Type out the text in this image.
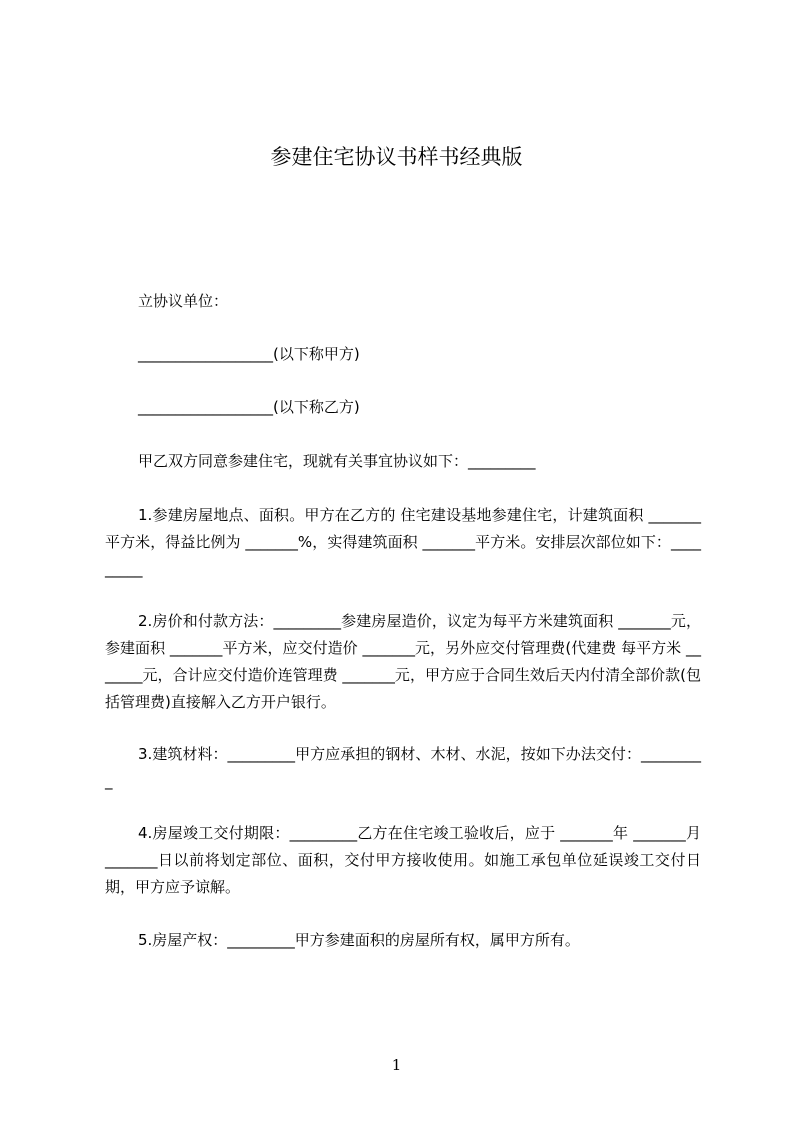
参建住宅协议书样书经典版

立协议单位：

__________________(以下称甲方)

__________________(以下称乙方)

甲乙双方同意参建住宅，现就有关事宜协议如下：_________

1.参建房屋地点、面积。甲方在乙方的 住宅建设基地参建住宅，计建筑面积 _______平方米，得益比例为 _______%，实得建筑面积 _______平方米。安排层次部位如下：_________

2.房价和付款方法：_________参建房屋造价，议定为每平方米建筑面积 _______元，参建面积 _______平方米，应交付造价 _______元，另外应交付管理费(代建费 每平方米 _______元，合计应交付造价连管理费 _______元，甲方应于合同生效后天内付清全部价款(包括管理费)直接解入乙方开户银行。

3.建筑材料：_________甲方应承担的钢材、木材、水泥，按如下办法交付：_________

4.房屋竣工交付期限：_________乙方在住宅竣工验收后，应于 _______年 _______月 _______日以前将划定部位、面积，交付甲方接收使用。如施工承包单位延误竣工交付日期，甲方应予谅解。

5.房屋产权：_________甲方参建面积的房屋所有权，属甲方所有。

1
